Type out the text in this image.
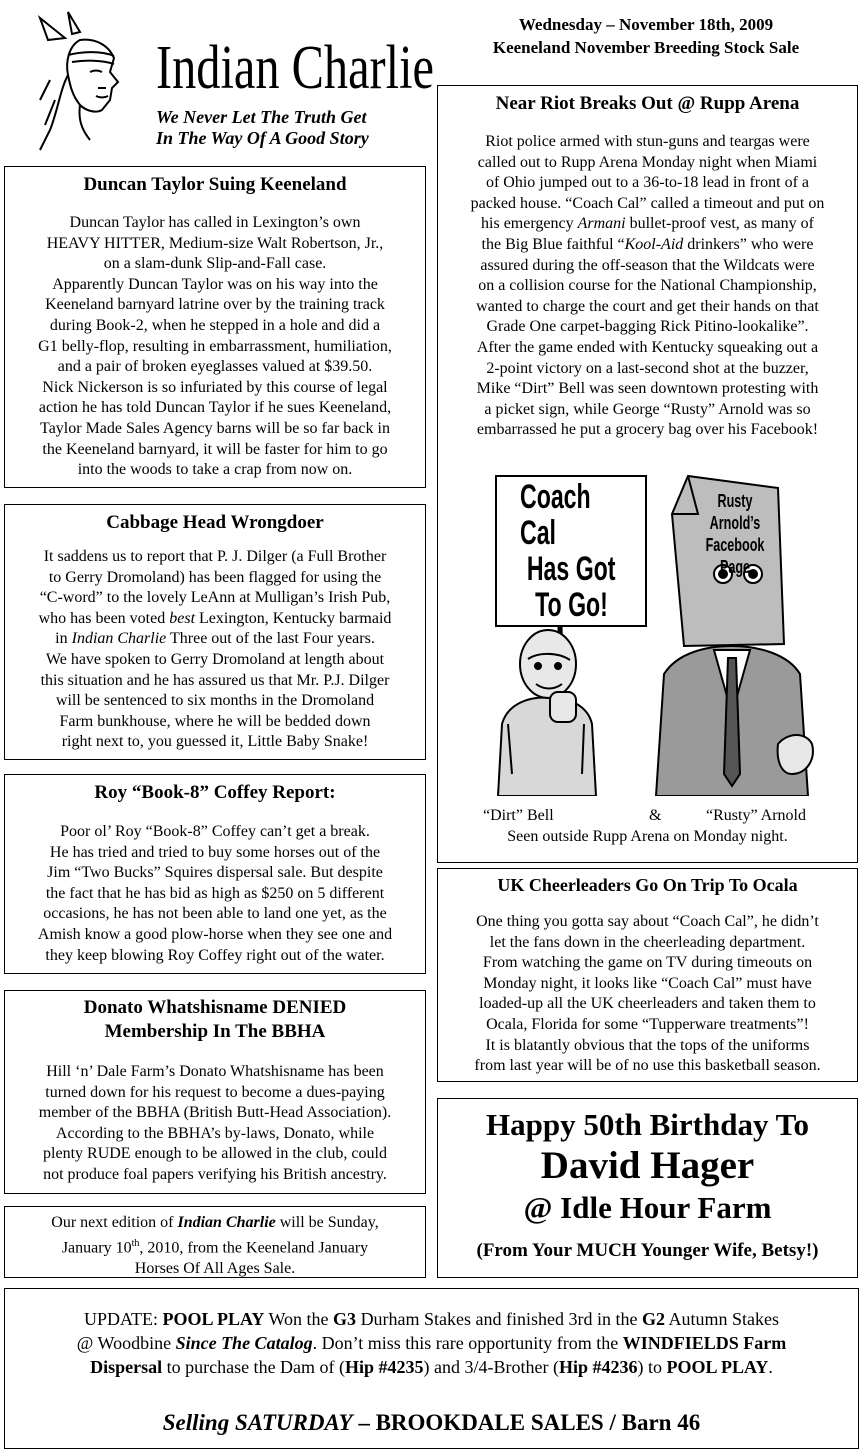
Indian Charlie
We Never Let The Truth Get
In The Way Of A Good Story
Wednesday – November 18th, 2009
Keeneland November Breeding Stock Sale
Duncan Taylor Suing Keeneland

Duncan Taylor has called in Lexington’s own

HEAVY HITTER, Medium-size Walt Robertson, Jr.,

on a slam-dunk Slip-and-Fall case.

Apparently Duncan Taylor was on his way into the

Keeneland barnyard latrine over by the training track

during Book-2, when he stepped in a hole and did a

G1 belly-flop, resulting in embarrassment, humiliation,

and a pair of broken eyeglasses valued at $39.50.

Nick Nickerson is so infuriated by this course of legal

action he has told Duncan Taylor if he sues Keeneland,

Taylor Made Sales Agency barns will be so far back in

the Keeneland barnyard, it will be faster for him to go

into the woods to take a crap from now on.

Cabbage Head Wrongdoer

It saddens us to report that P. J. Dilger (a Full Brother

to Gerry Dromoland) has been flagged for using the

“C-word” to the lovely LeAnn at Mulligan’s Irish Pub,

who has been voted best Lexington, Kentucky barmaid

in Indian Charlie Three out of the last Four years.

We have spoken to Gerry Dromoland at length about

this situation and he has assured us that Mr. P.J. Dilger

will be sentenced to six months in the Dromoland

Farm bunkhouse, where he will be bedded down

right next to, you guessed it, Little Baby Snake!

Roy “Book-8” Coffey Report:

Poor ol’ Roy “Book-8” Coffey can’t get a break.

He has tried and tried to buy some horses out of the

Jim “Two Bucks” Squires dispersal sale. But despite

the fact that he has bid as high as $250 on 5 different

occasions, he has not been able to land one yet, as the

Amish know a good plow-horse when they see one and

they keep blowing Roy Coffey right out of the water.

Donato Whatshisname DENIED
Membership In The BBHA

Hill ‘n’ Dale Farm’s Donato Whatshisname has been

turned down for his request to become a dues-paying

member of the BBHA (British Butt-Head Association).

According to the BBHA’s by-laws, Donato, while

plenty RUDE enough to be allowed in the club, could

not produce foal papers verifying his British ancestry.

Our next edition of Indian Charlie will be Sunday,

January 10th, 2010, from the Keeneland January

Horses Of All Ages Sale.

Near Riot Breaks Out @ Rupp Arena

Riot police armed with stun-guns and teargas were

called out to Rupp Arena Monday night when Miami

of Ohio jumped out to a 36-to-18 lead in front of a

packed house. “Coach Cal” called a timeout and put on

his emergency Armani bullet-proof vest, as many of

the Big Blue faithful “Kool-Aid drinkers” who were

assured during the off-season that the Wildcats were

on a collision course for the National Championship,

wanted to charge the court and get their hands on that

Grade One carpet-bagging Rick Pitino-lookalike”.

After the game ended with Kentucky squeaking out a

2-point victory on a last-second shot at the buzzer,

Mike “Dirt” Bell was seen downtown protesting with

a picket sign, while George “Rusty” Arnold was so

embarrassed he put a grocery bag over his Facebook!

Coach Cal
Has Got
To Go!
Rusty Arnold’s
Facebook Page
“Dirt” Bell	&	“Rusty” Arnold
Seen outside Rupp Arena on Monday night.
UK Cheerleaders Go On Trip To Ocala

One thing you gotta say about “Coach Cal”, he didn’t

let the fans down in the cheerleading department.

From watching the game on TV during timeouts on

Monday night, it looks like “Coach Cal” must have

loaded-up all the UK cheerleaders and taken them to

Ocala, Florida for some “Tupperware treatments”!

It is blatantly obvious that the tops of the uniforms

from last year will be of no use this basketball season.

Happy 50th Birthday To
David Hager
@ Idle Hour Farm
(From Your MUCH Younger Wife, Betsy!)
UPDATE: POOL PLAY Won the G3 Durham Stakes and finished 3rd in the G2 Autumn Stakes
@ Woodbine Since The Catalog. Don’t miss this rare opportunity from the WINDFIELDS Farm
Dispersal to purchase the Dam of (Hip #4235) and 3/4-Brother (Hip #4236) to POOL PLAY.
Selling SATURDAY – BROOKDALE SALES / Barn 46
